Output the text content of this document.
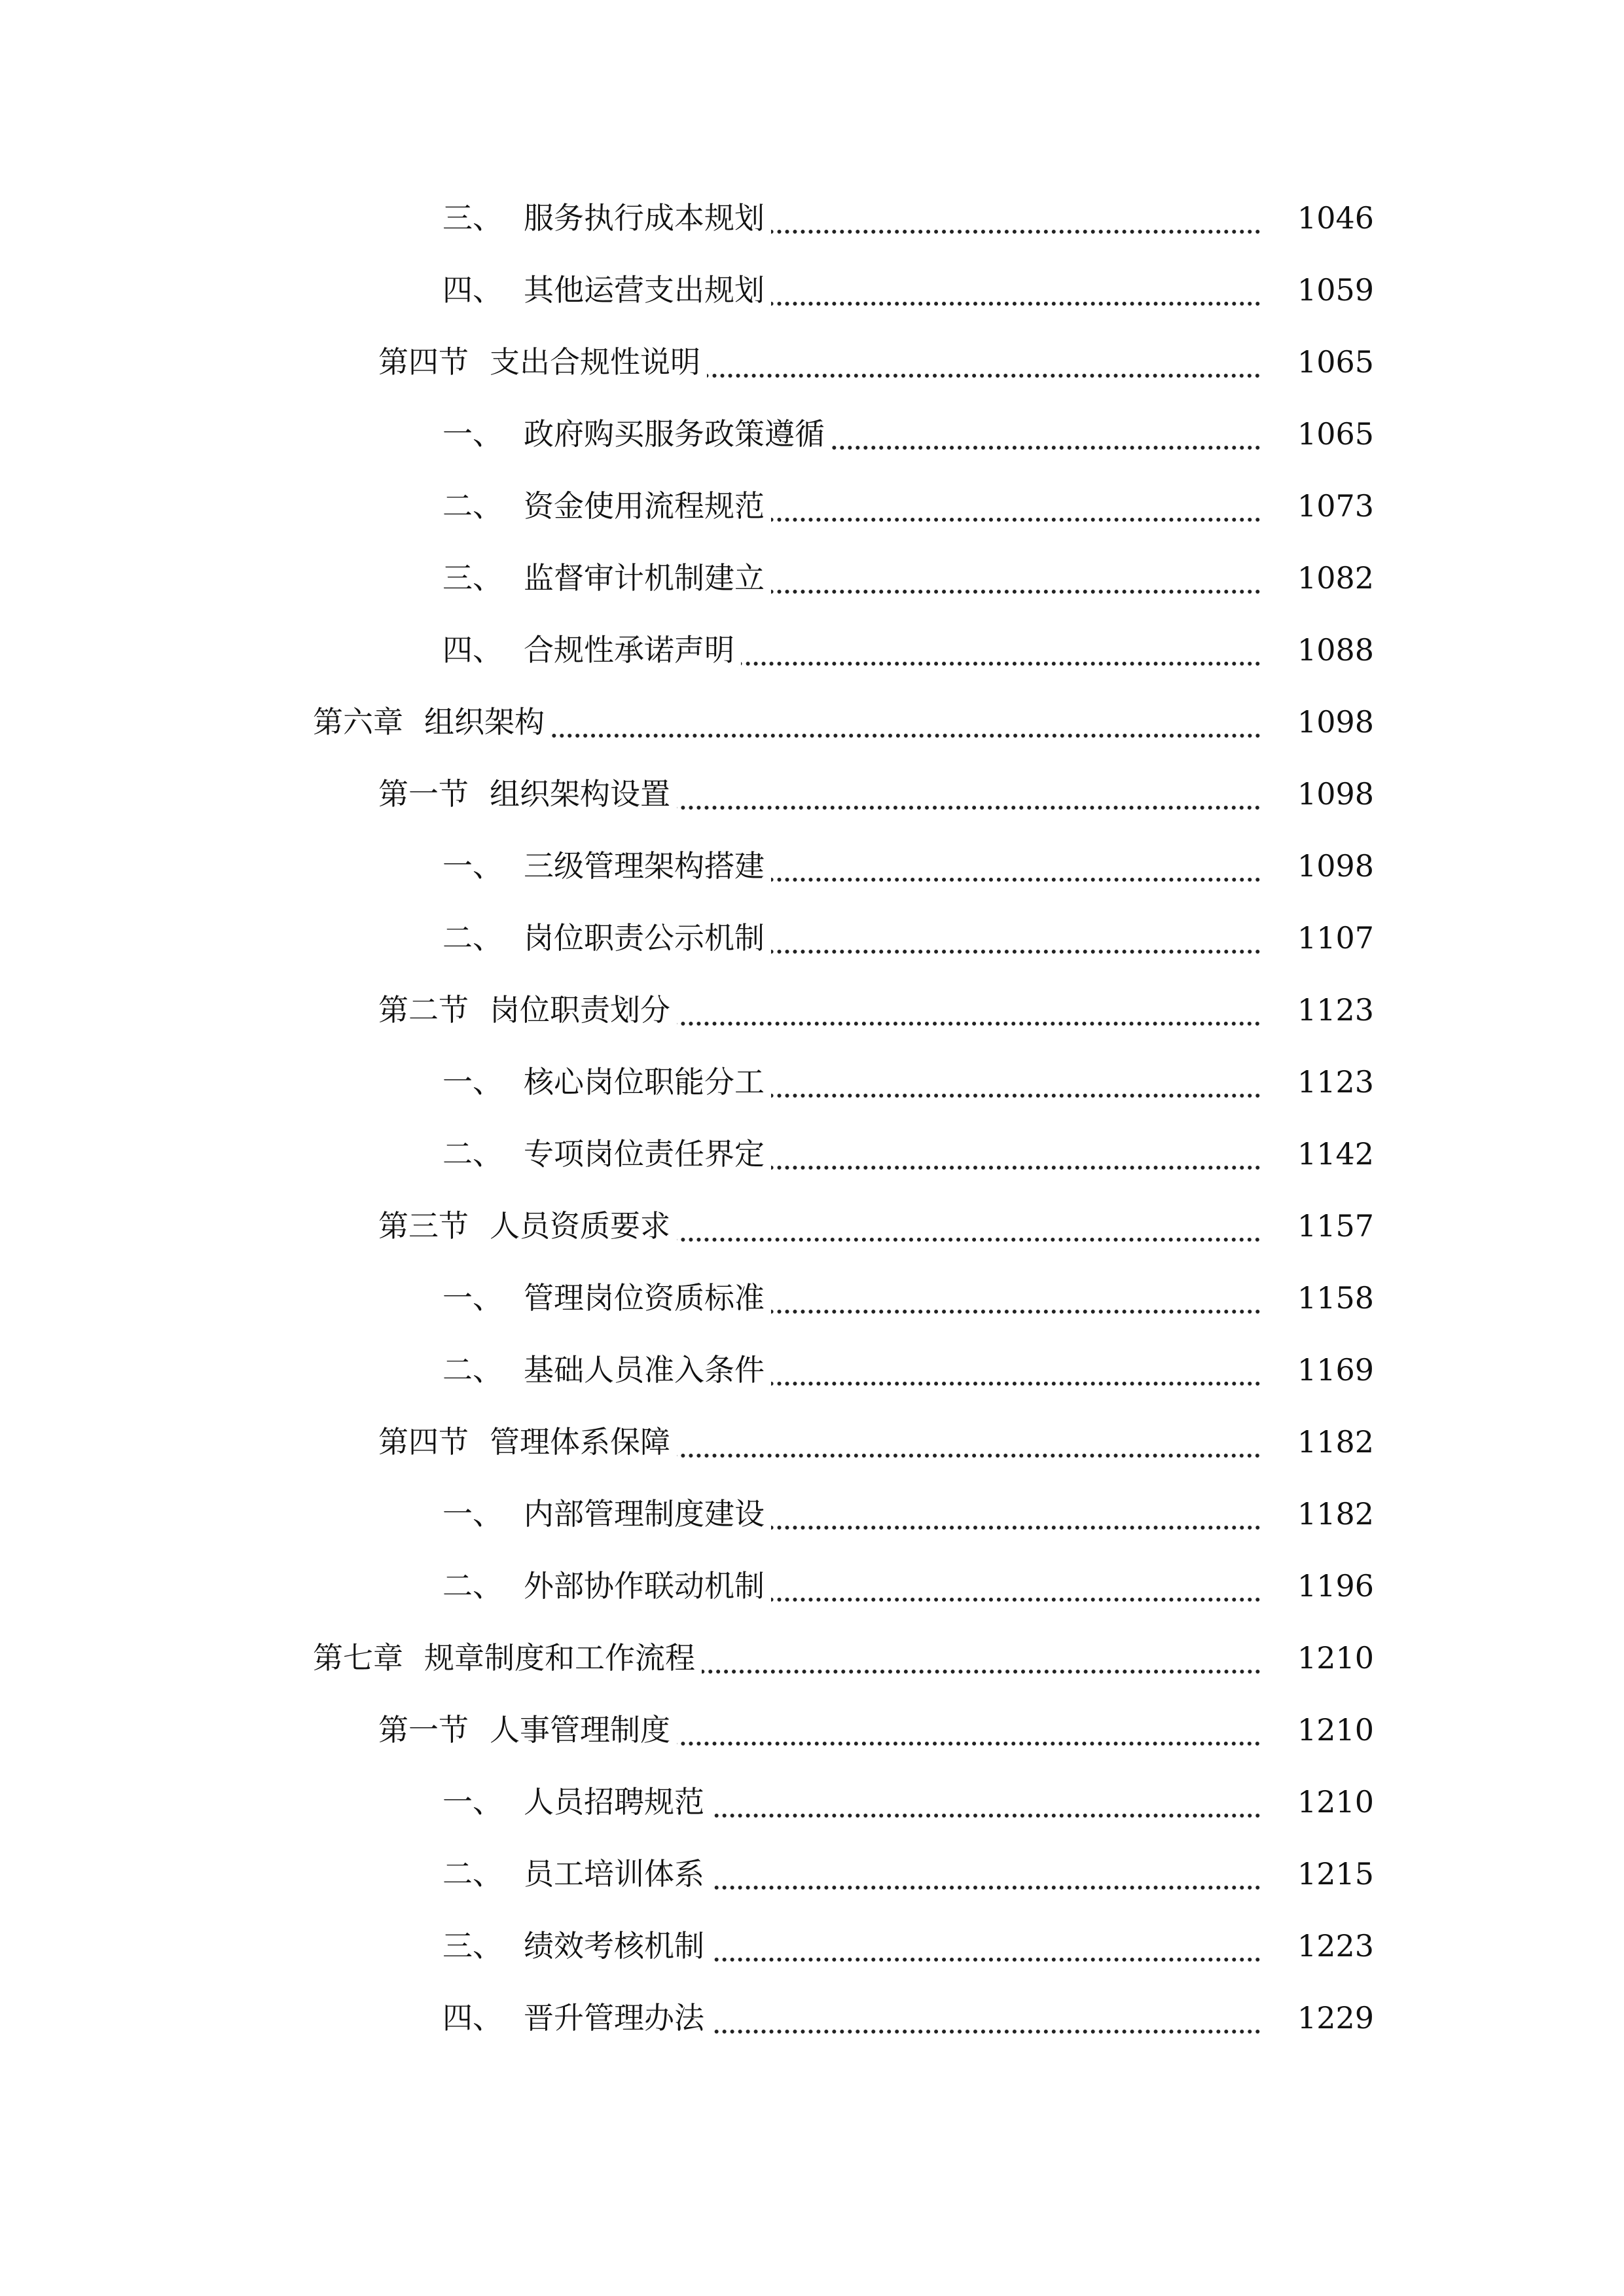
三、 服务执行成本规划	1046
四、 其他运营支出规划	1059
第四节 支出合规性说明	1065
一、 政府购买服务政策遵循	1065
二、 资金使用流程规范	1073
三、 监督审计机制建立	1082
四、 合规性承诺声明	1088
第六章 组织架构	1098
第一节 组织架构设置	1098
一、 三级管理架构搭建	1098
二、 岗位职责公示机制	1107
第二节 岗位职责划分	1123
一、 核心岗位职能分工	1123
二、 专项岗位责任界定	1142
第三节 人员资质要求	1157
一、 管理岗位资质标准	1158
二、 基础人员准入条件	1169
第四节 管理体系保障	1182
一、 内部管理制度建设	1182
二、 外部协作联动机制	1196
第七章 规章制度和工作流程	1210
第一节 人事管理制度	1210
一、 人员招聘规范	1210
二、 员工培训体系	1215
三、 绩效考核机制	1223
四、 晋升管理办法	1229
